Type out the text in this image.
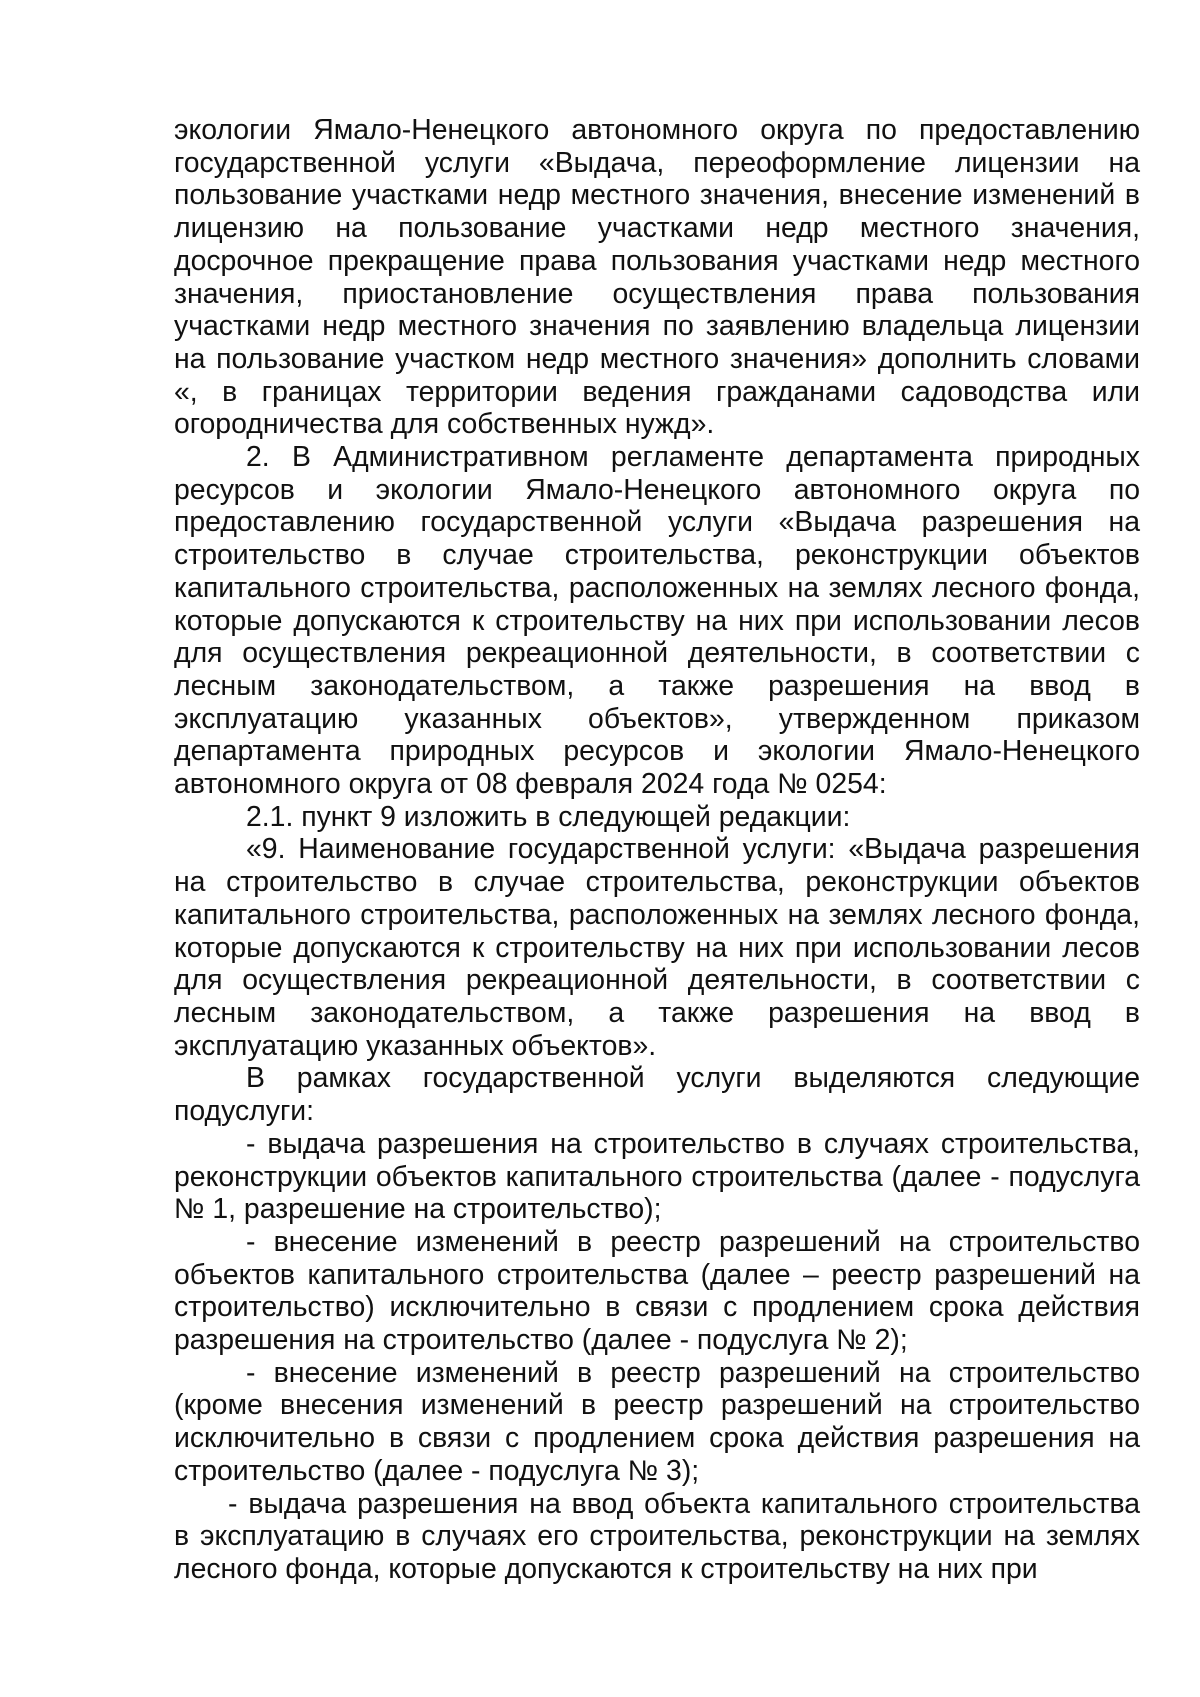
экологии Ямало-Ненецкого автономного округа по предоставлению государственной услуги «Выдача, переоформление лицензии на пользование участками недр местного значения, внесение изменений в лицензию на пользование участками недр местного значения, досрочное прекращение права пользования участками недр местного значения, приостановление осуществления права пользования участками недр местного значения по заявлению владельца лицензии на пользование участком недр местного значения» дополнить словами «, в границах территории ведения гражданами садоводства или огородничества для собственных нужд».

2. В Административном регламенте департамента природных ресурсов и экологии Ямало-Ненецкого автономного округа по предоставлению государственной услуги «Выдача разрешения на строительство в случае строительства, реконструкции объектов капитального строительства, расположенных на землях лесного фонда, которые допускаются к строительству на них при использовании лесов для осуществления рекреационной деятельности, в соответствии с лесным законодательством, а также разрешения на ввод в эксплуатацию указанных объектов», утвержденном приказом департамента природных ресурсов и экологии Ямало-Ненецкого автономного округа от 08 февраля 2024 года № 0254:

2.1. пункт 9 изложить в следующей редакции:

«9. Наименование государственной услуги: «Выдача разрешения на строительство в случае строительства, реконструкции объектов капитального строительства, расположенных на землях лесного фонда, которые допускаются к строительству на них при использовании лесов для осуществления рекреационной деятельности, в соответствии с лесным законодательством, а также разрешения на ввод в эксплуатацию указанных объектов».

В рамках государственной услуги выделяются следующие подуслуги:

- выдача разрешения на строительство в случаях строительства, реконструкции объектов капитального строительства (далее - подуслуга № 1, разрешение на строительство);

- внесение изменений в реестр разрешений на строительство объектов капитального строительства (далее – реестр разрешений на строительство) исключительно в связи с продлением срока действия разрешения на строительство (далее - подуслуга № 2);

- внесение изменений в реестр разрешений на строительство (кроме внесения изменений в реестр разрешений на строительство исключительно в связи с продлением срока действия разрешения на строительство (далее - подуслуга № 3);

- выдача разрешения на ввод объекта капитального строительства в эксплуатацию в случаях его строительства, реконструкции на землях лесного фонда, которые допускаются к строительству на них при
